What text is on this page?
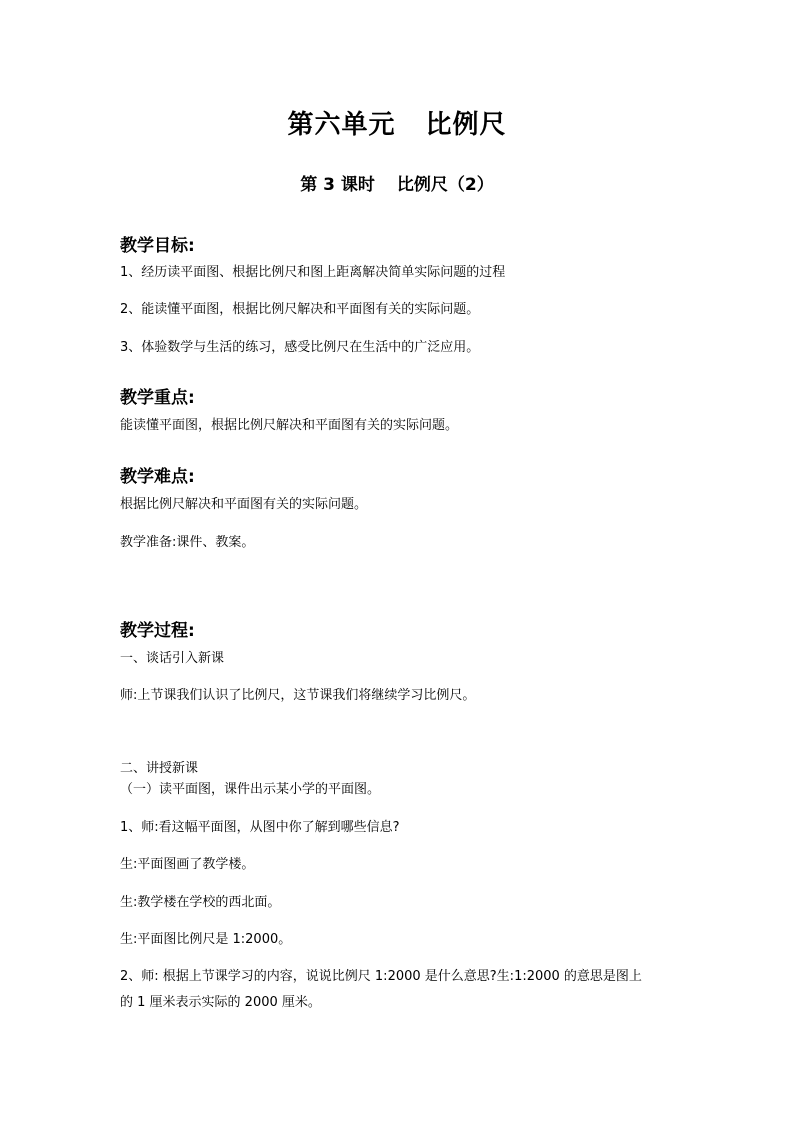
第六单元 比例尺
第 3 课时 比例尺（2）
教学目标:

1、经历读平面图、根据比例尺和图上距离解决简单实际问题的过程

2、能读懂平面图，根据比例尺解决和平面图有关的实际问题。

3、体验数学与生活的练习，感受比例尺在生活中的广泛应用。

教学重点:

能读懂平面图，根据比例尺解决和平面图有关的实际问题。

教学难点:

根据比例尺解决和平面图有关的实际问题。

教学准备:课件、教案。

教学过程:

一、谈话引入新课

师:上节课我们认识了比例尺，这节课我们将继续学习比例尺。

二、讲授新课

（一）读平面图，课件出示某小学的平面图。

1、师:看这幅平面图，从图中你了解到哪些信息?

生:平面图画了教学楼。

生:教学楼在学校的西北面。

生:平面图比例尺是 1:2000。

2、师: 根据上节课学习的内容，说说比例尺 1:2000 是什么意思?生:1:2000 的意思是图上

的 1 厘米表示实际的 2000 厘米。
